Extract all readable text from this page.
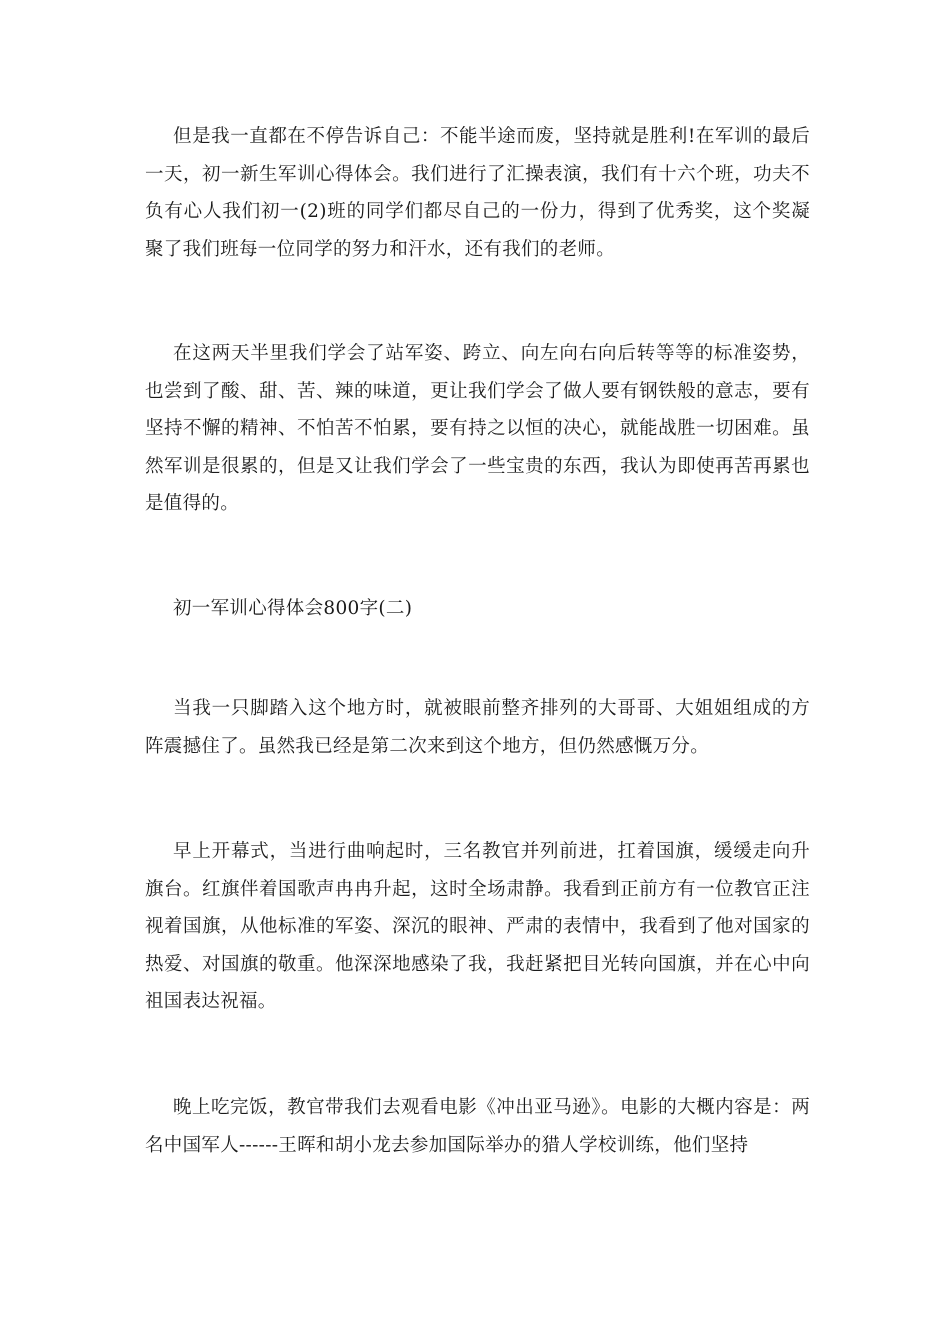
但是我一直都在不停告诉自己：不能半途而废，坚持就是胜利!在军训的最后一天，初一新生军训心得体会。我们进行了汇操表演，我们有十六个班，功夫不负有心人我们初一(2)班的同学们都尽自己的一份力，得到了优秀奖，这个奖凝聚了我们班每一位同学的努力和汗水，还有我们的老师。

在这两天半里我们学会了站军姿、跨立、向左向右向后转等等的标准姿势，也尝到了酸、甜、苦、辣的味道，更让我们学会了做人要有钢铁般的意志，要有坚持不懈的精神、不怕苦不怕累，要有持之以恒的决心，就能战胜一切困难。虽然军训是很累的，但是又让我们学会了一些宝贵的东西，我认为即使再苦再累也是值得的。

初一军训心得体会800字(二)

当我一只脚踏入这个地方时，就被眼前整齐排列的大哥哥、大姐姐组成的方阵震撼住了。虽然我已经是第二次来到这个地方，但仍然感慨万分。

早上开幕式，当进行曲响起时，三名教官并列前进，扛着国旗，缓缓走向升旗台。红旗伴着国歌声冉冉升起，这时全场肃静。我看到正前方有一位教官正注视着国旗，从他标准的军姿、深沉的眼神、严肃的表情中，我看到了他对国家的热爱、对国旗的敬重。他深深地感染了我，我赶紧把目光转向国旗，并在心中向祖国表达祝福。

晚上吃完饭，教官带我们去观看电影《冲出亚马逊》。电影的大概内容是：两名中国军人------王晖和胡小龙去参加国际举办的猎人学校训练，他们坚持
